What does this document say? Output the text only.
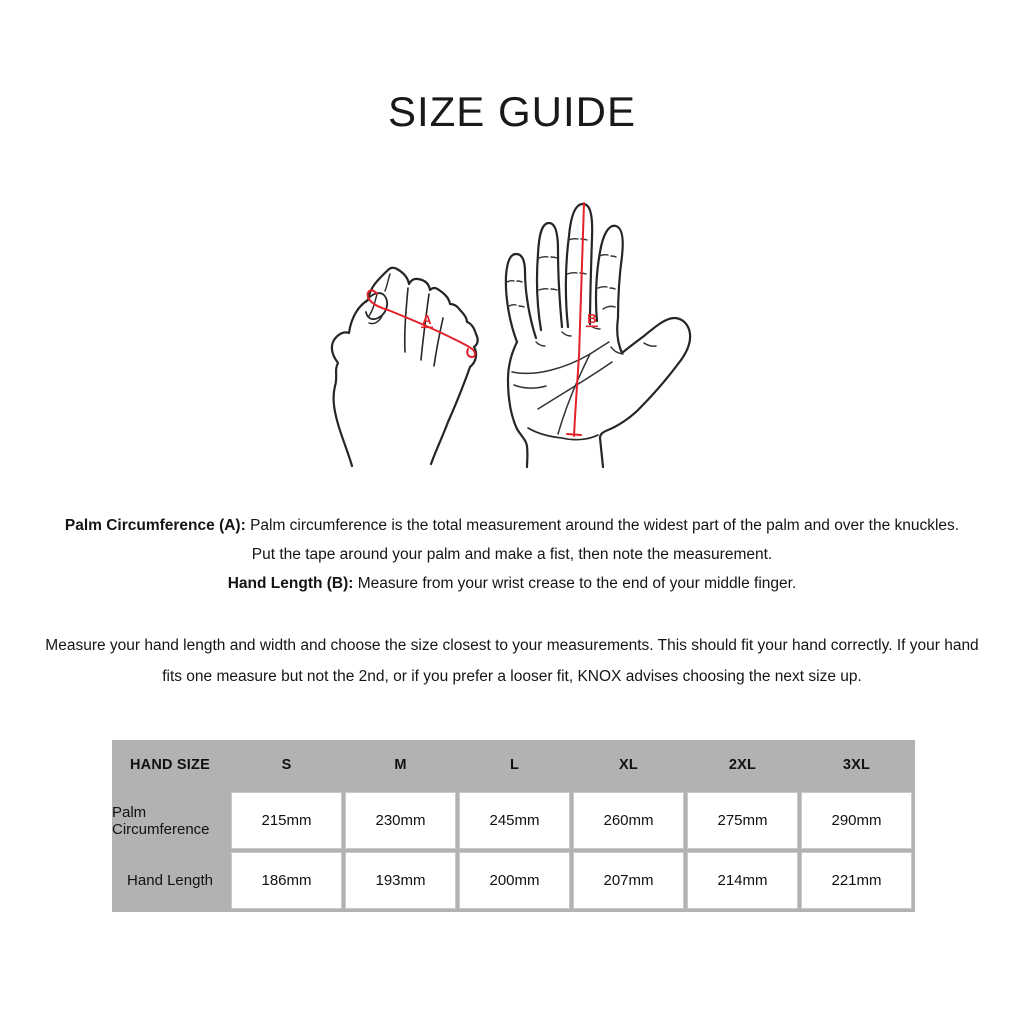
SIZE GUIDE
A	B
Palm Circumference (A): Palm circumference is the total measurement around the widest part of the palm and over the knuckles.
Put the tape around your palm and make a fist, then note the measurement.
Hand Length (B): Measure from your wrist crease to the end of your middle finger.
Measure your hand length and width and choose the size closest to your measurements. This should fit your hand correctly. If your hand
fits one measure but not the 2nd, or if you prefer a looser fit, KNOX advises choosing the next size up.
HAND SIZE	S	M	L	XL	2XL	3XL
Palm Circumference	215mm	230mm	245mm	260mm	275mm	290mm
Hand Length	186mm	193mm	200mm	207mm	214mm	221mm
